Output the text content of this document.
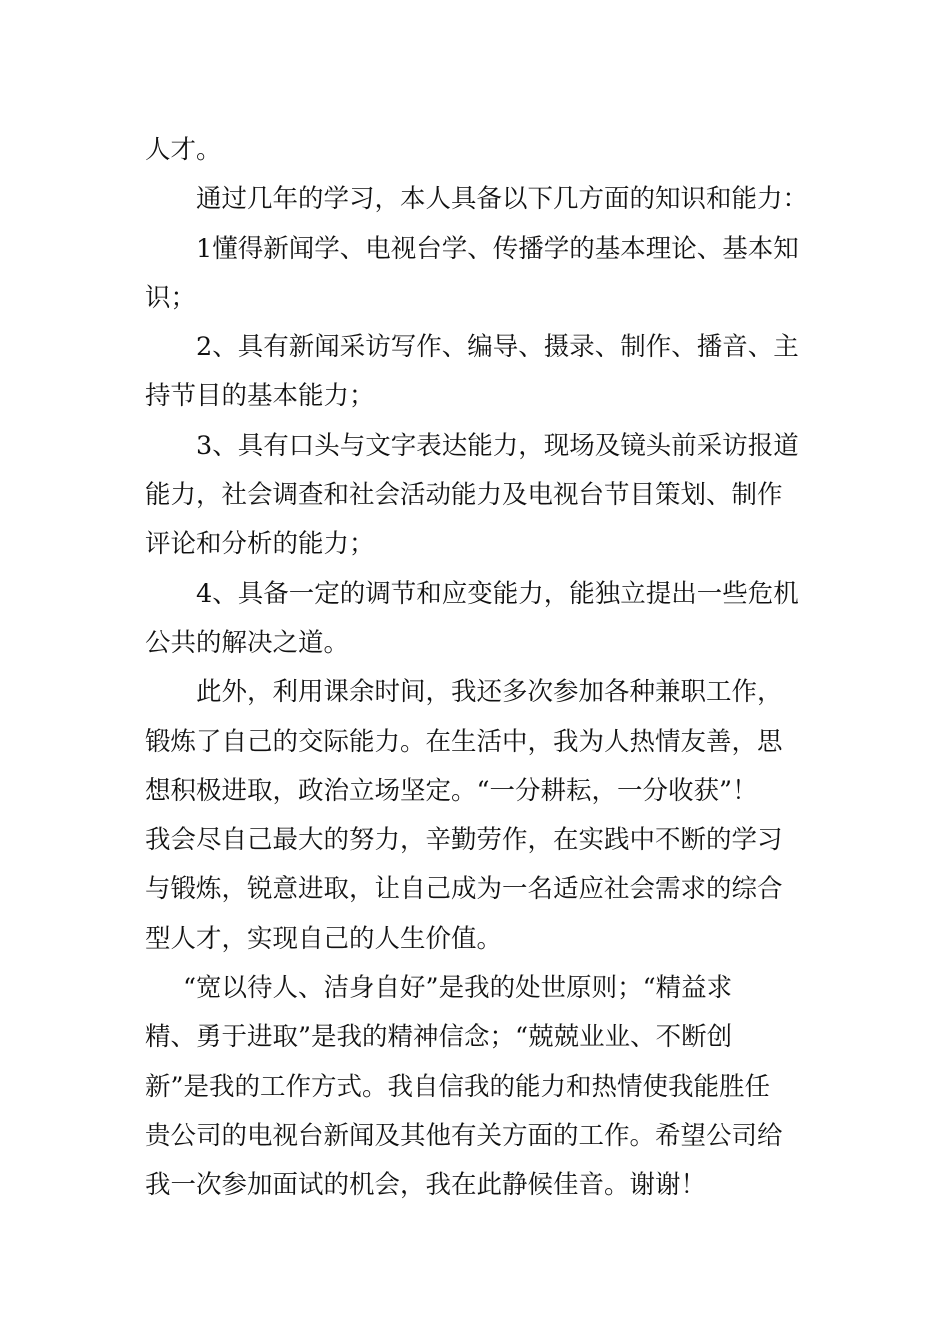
人才。
通过几年的学习，本人具备以下几方面的知识和能力：
1懂得新闻学、电视台学、传播学的基本理论、基本知
识；
2、具有新闻采访写作、编导、摄录、制作、播音、主
持节目的基本能力；
3、具有口头与文字表达能力，现场及镜头前采访报道
能力，社会调查和社会活动能力及电视台节目策划、制作
评论和分析的能力；
4、具备一定的调节和应变能力，能独立提出一些危机
公共的解决之道。
此外，利用课余时间，我还多次参加各种兼职工作，
锻炼了自己的交际能力。在生活中，我为人热情友善，思
想积极进取，政治立场坚定。“一分耕耘，一分收获”！
我会尽自己最大的努力，辛勤劳作，在实践中不断的学习
与锻炼，锐意进取，让自己成为一名适应社会需求的综合
型人才，实现自己的人生价值。
“宽以待人、洁身自好”是我的处世原则；“精益求
精、勇于进取”是我的精神信念；“兢兢业业、不断创
新”是我的工作方式。我自信我的能力和热情使我能胜任
贵公司的电视台新闻及其他有关方面的工作。希望公司给
我一次参加面试的机会，我在此静候佳音。谢谢！
